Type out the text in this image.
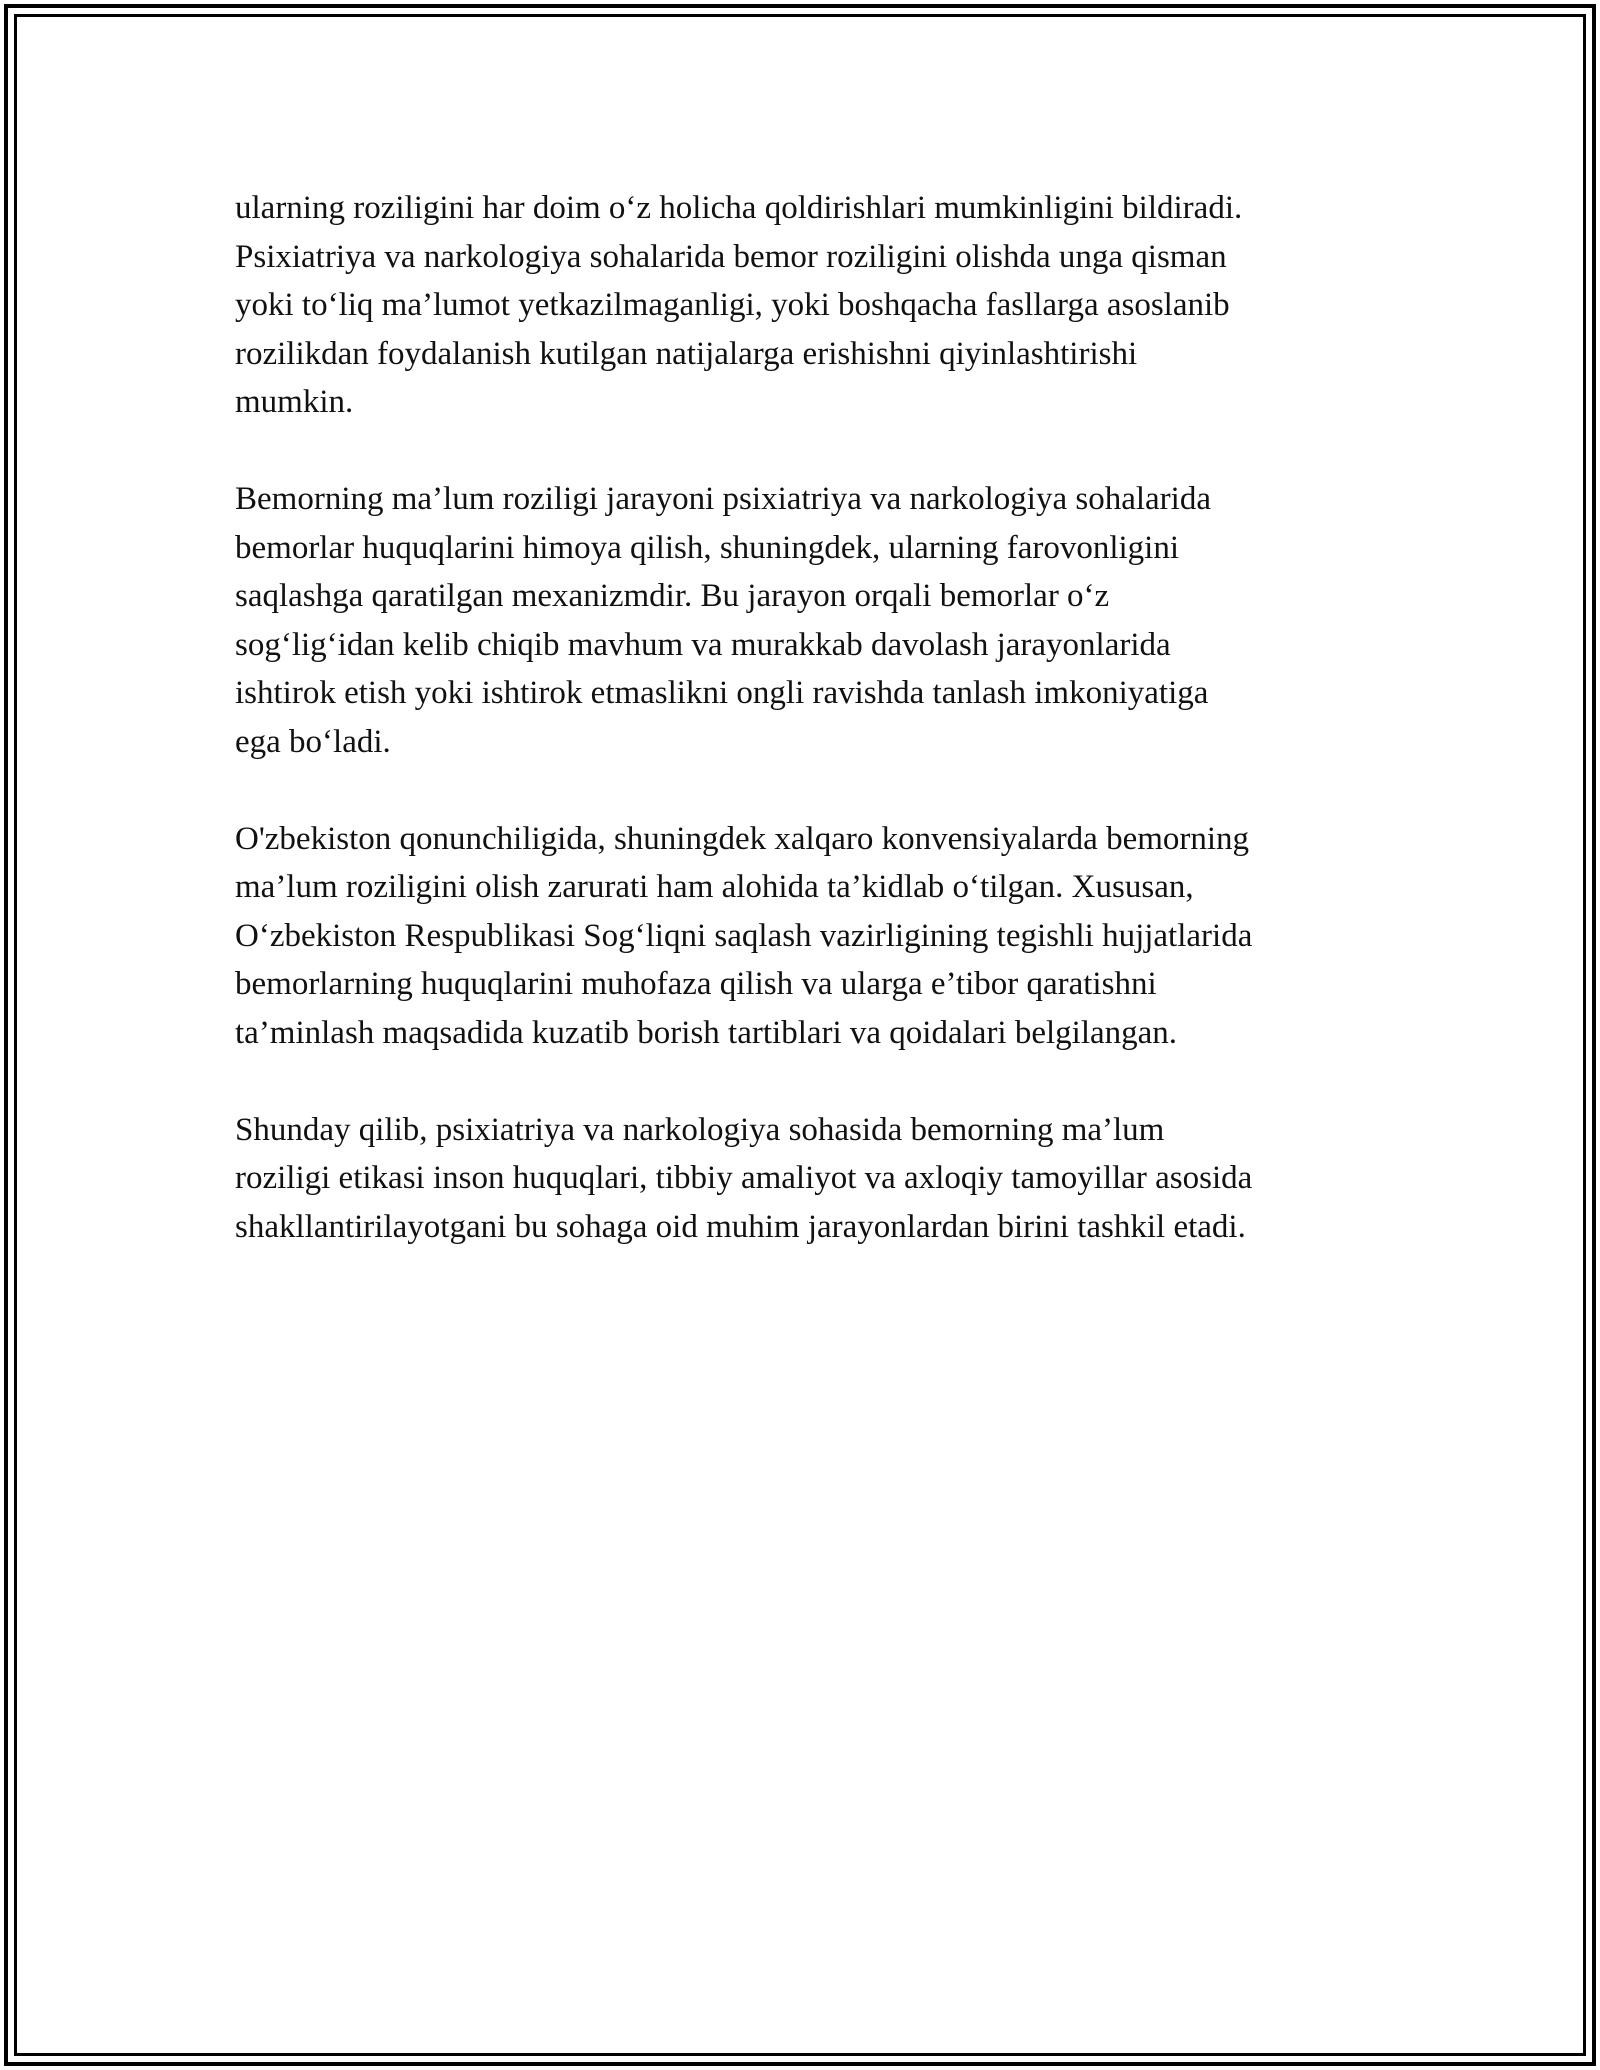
ularning roziligini har doim o‘z holicha qoldirishlari mumkinligini bildiradi.
Psixiatriya va narkologiya sohalarida bemor roziligini olishda unga qisman
yoki to‘liq ma’lumot yetkazilmaganligi, yoki boshqacha fasllarga asoslanib
rozilikdan foydalanish kutilgan natijalarga erishishni qiyinlashtirishi
mumkin.

Bemorning ma’lum roziligi jarayoni psixiatriya va narkologiya sohalarida
bemorlar huquqlarini himoya qilish, shuningdek, ularning farovonligini
saqlashga qaratilgan mexanizmdir. Bu jarayon orqali bemorlar o‘z
sog‘lig‘idan kelib chiqib mavhum va murakkab davolash jarayonlarida
ishtirok etish yoki ishtirok etmaslikni ongli ravishda tanlash imkoniyatiga
ega bo‘ladi.

O'zbekiston qonunchiligida, shuningdek xalqaro konvensiyalarda bemorning
ma’lum roziligini olish zarurati ham alohida ta’kidlab o‘tilgan. Xususan,
O‘zbekiston Respublikasi Sog‘liqni saqlash vazirligining tegishli hujjatlarida
bemorlarning huquqlarini muhofaza qilish va ularga e’tibor qaratishni
ta’minlash maqsadida kuzatib borish tartiblari va qoidalari belgilangan.

Shunday qilib, psixiatriya va narkologiya sohasida bemorning ma’lum
roziligi etikasi inson huquqlari, tibbiy amaliyot va axloqiy tamoyillar asosida
shakllantirilayotgani bu sohaga oid muhim jarayonlardan birini tashkil etadi.
